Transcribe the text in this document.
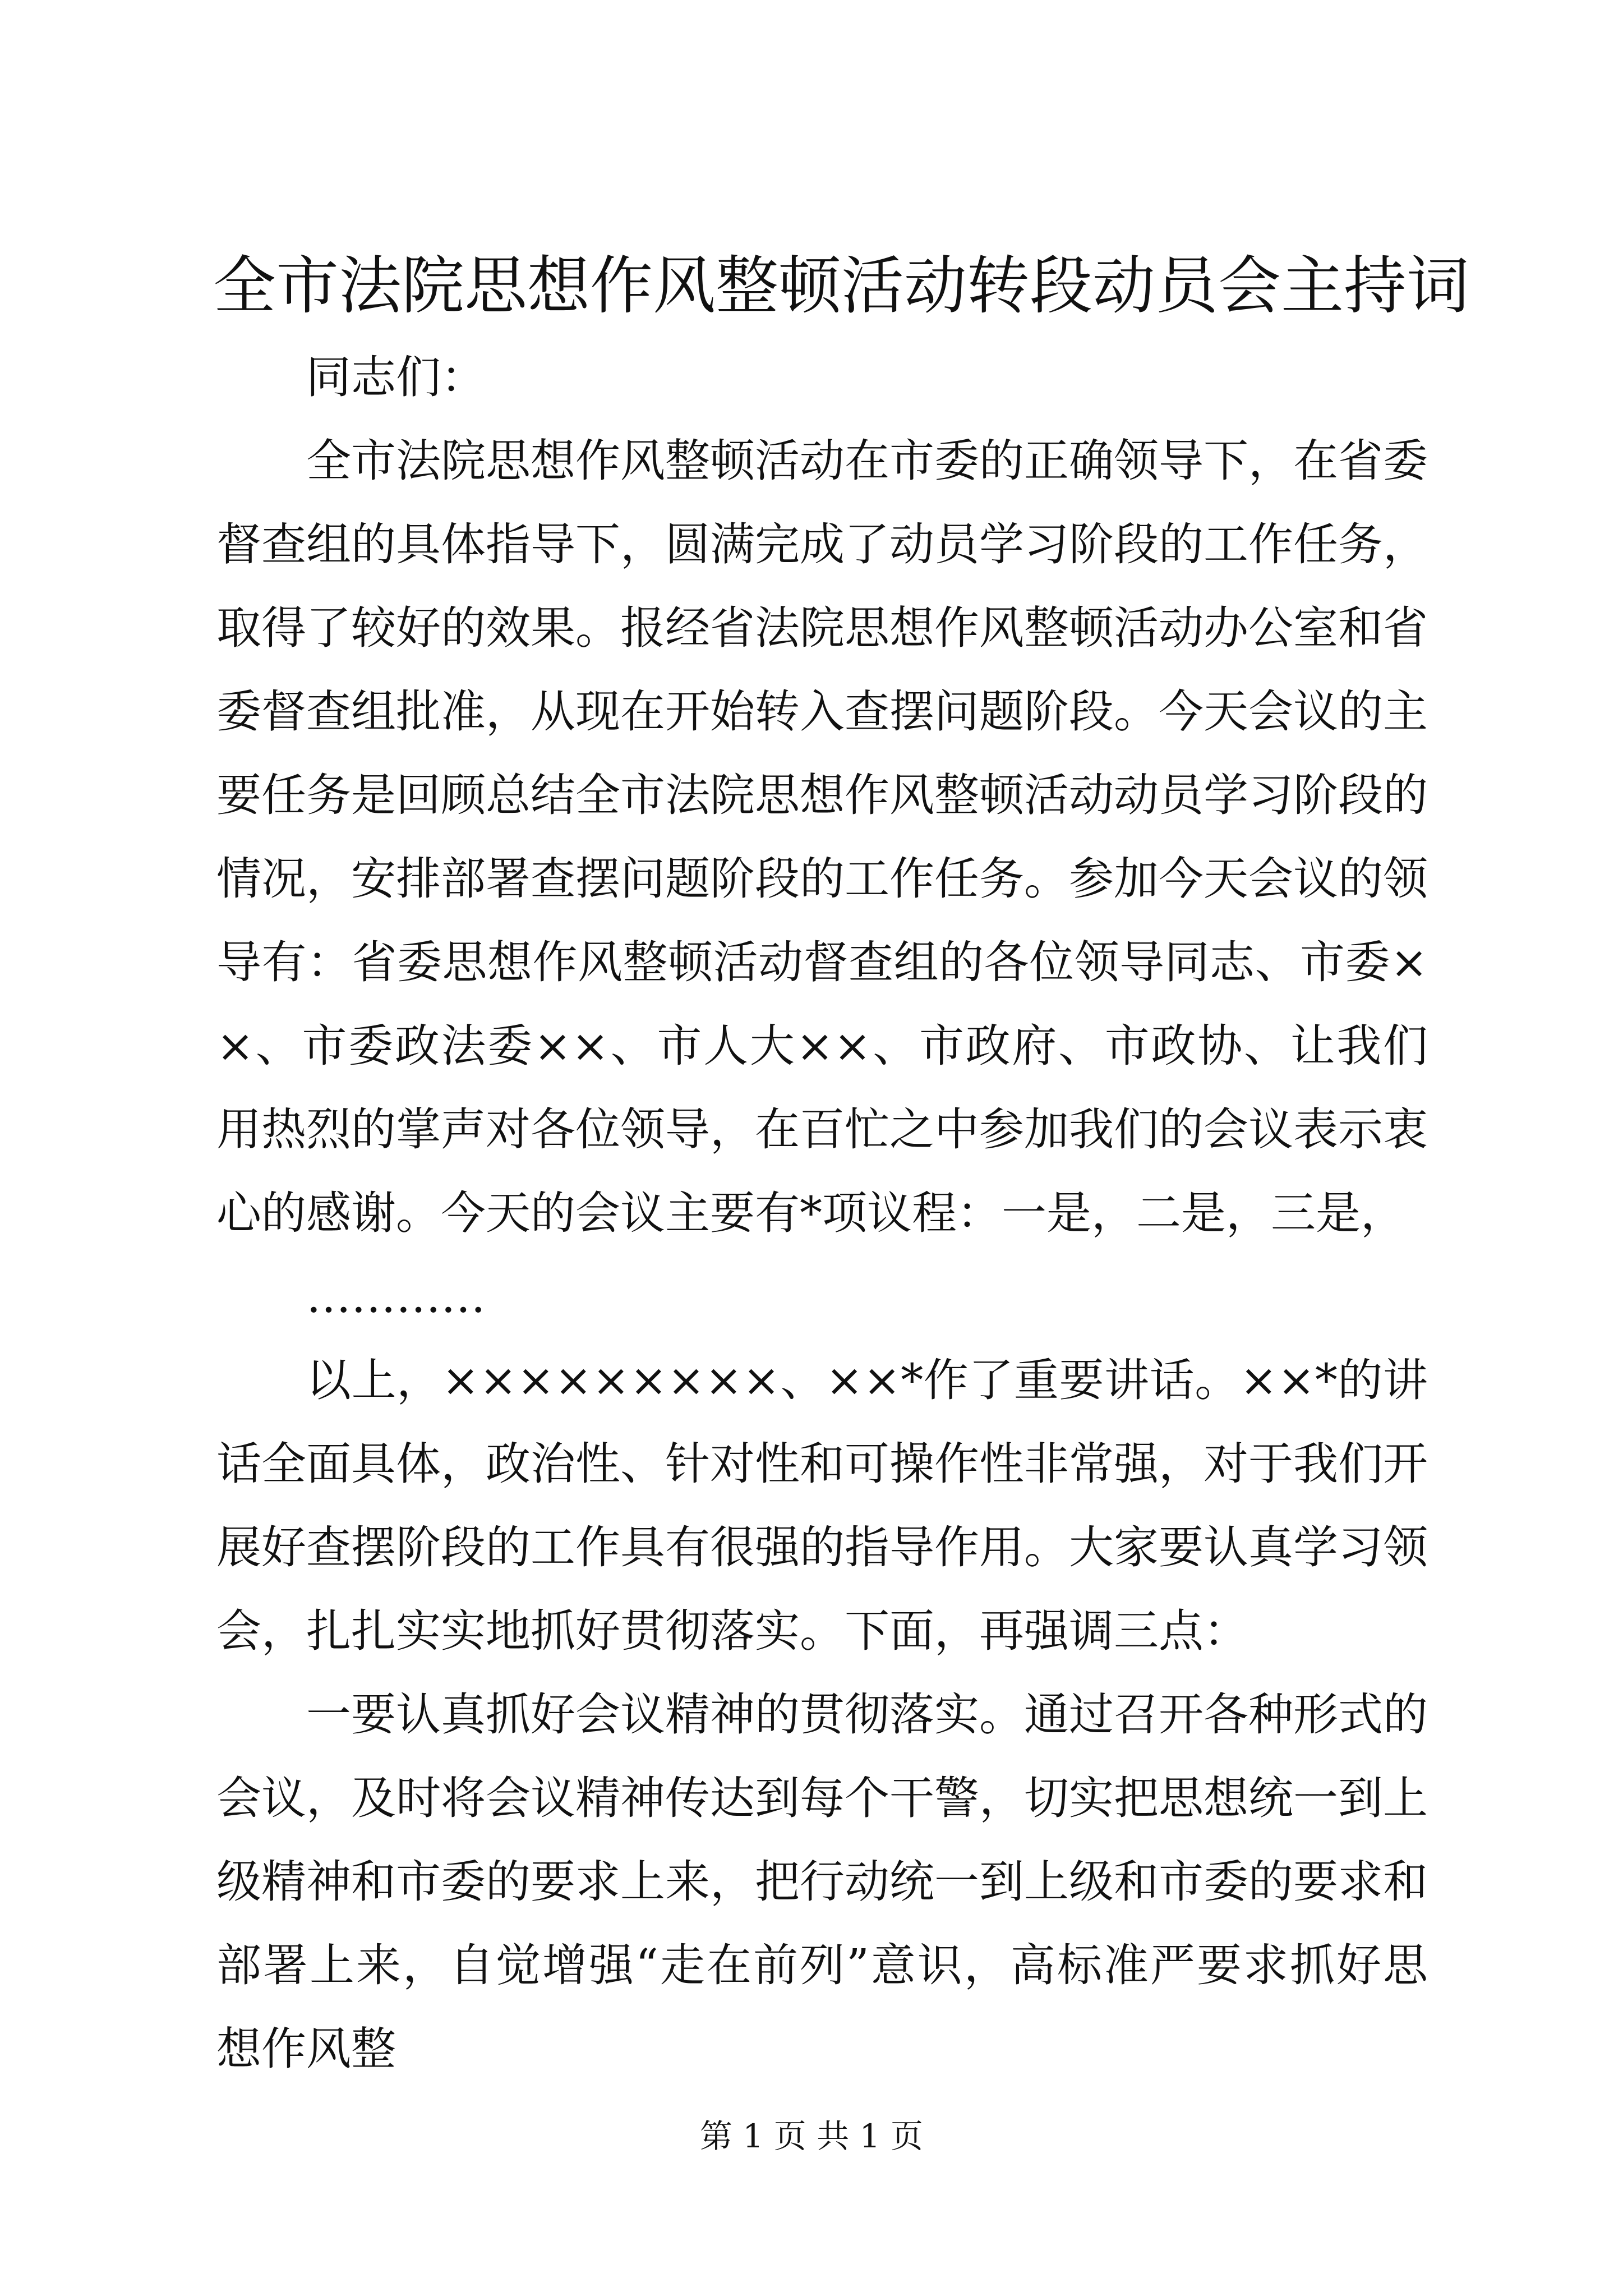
全市法院思想作风整顿活动转段动员会主持词

同志们：

全市法院思想作风整顿活动在市委的正确领导下，在省委督查组的具体指导下，圆满完成了动员学习阶段的工作任务，取得了较好的效果。报经省法院思想作风整顿活动办公室和省委督查组批准，从现在开始转入查摆问题阶段。今天会议的主要任务是回顾总结全市法院思想作风整顿活动动员学习阶段的情况，安排部署查摆问题阶段的工作任务。参加今天会议的领导有：省委思想作风整顿活动督查组的各位领导同志、市委××、市委政法委××、市人大××、市政府、市政协、让我们用热烈的掌声对各位领导，在百忙之中参加我们的会议表示衷心的感谢。今天的会议主要有*项议程：一是，二是，三是，

…………

以上，×××××××××、××*作了重要讲话。××*的讲话全面具体，政治性、针对性和可操作性非常强，对于我们开展好查摆阶段的工作具有很强的指导作用。大家要认真学习领会，扎扎实实地抓好贯彻落实。下面，再强调三点：

一要认真抓好会议精神的贯彻落实。通过召开各种形式的会议，及时将会议精神传达到每个干警，切实把思想统一到上级精神和市委的要求上来，把行动统一到上级和市委的要求和部署上来，自觉增强“走在前列”意识，高标准严要求抓好思想作风整

第 1 页 共 1 页
